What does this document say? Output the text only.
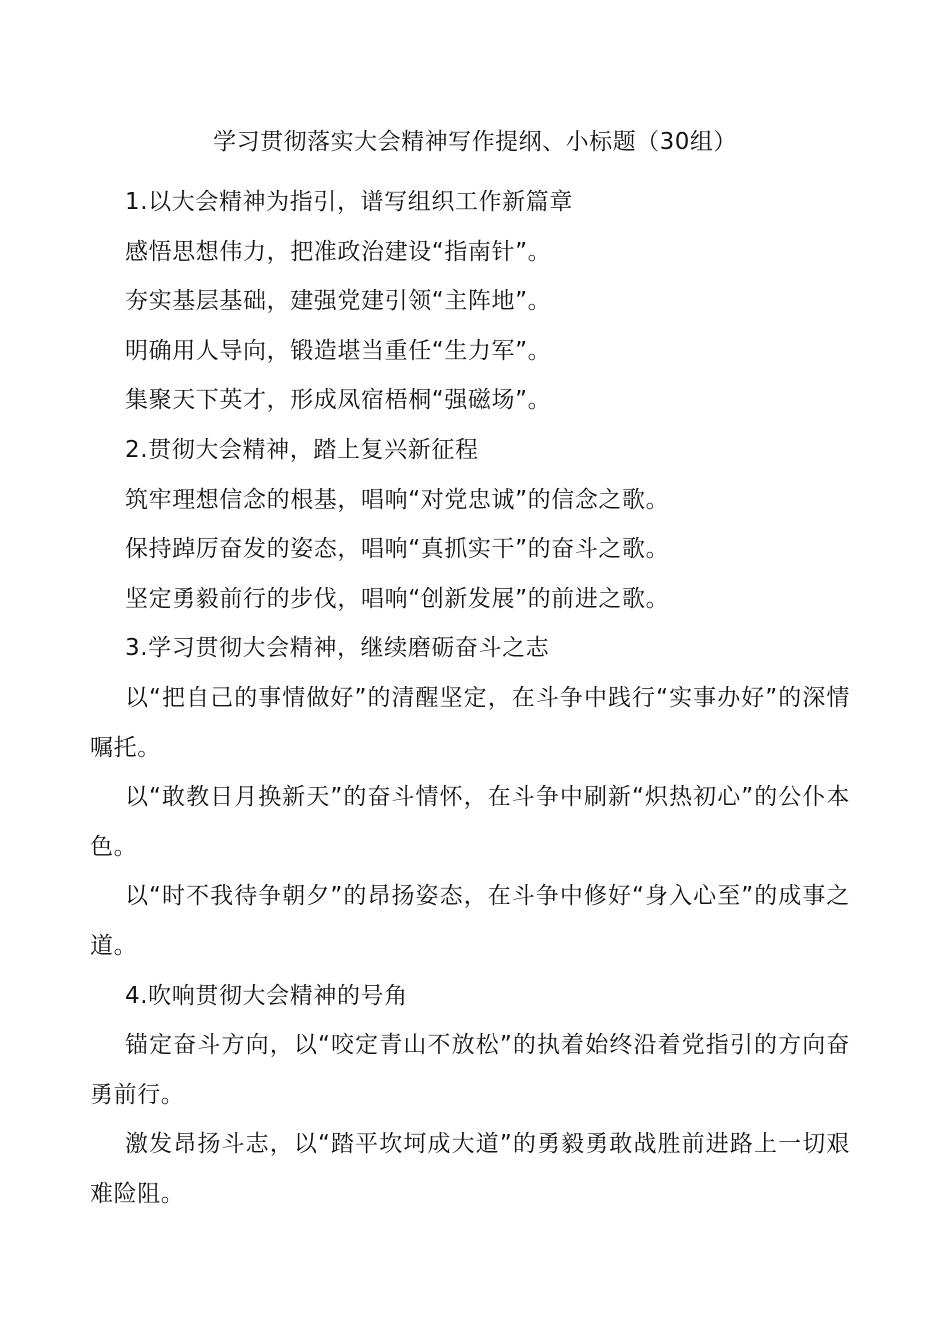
学习贯彻落实大会精神写作提纲、小标题（30组）

1.以大会精神为指引，谱写组织工作新篇章

感悟思想伟力，把准政治建设“指南针”。

夯实基层基础，建强党建引领“主阵地”。

明确用人导向，锻造堪当重任“生力军”。

集聚天下英才，形成凤宿梧桐“强磁场”。

2.贯彻大会精神，踏上复兴新征程

筑牢理想信念的根基，唱响“对党忠诚”的信念之歌。

保持踔厉奋发的姿态，唱响“真抓实干”的奋斗之歌。

坚定勇毅前行的步伐，唱响“创新发展”的前进之歌。

3.学习贯彻大会精神，继续磨砺奋斗之志

以“把自己的事情做好”的清醒坚定，在斗争中践行“实事办好”的深情嘱托。

以“敢教日月换新天”的奋斗情怀，在斗争中刷新“炽热初心”的公仆本色。

以“时不我待争朝夕”的昂扬姿态，在斗争中修好“身入心至”的成事之道。

4.吹响贯彻大会精神的号角

锚定奋斗方向，以“咬定青山不放松”的执着始终沿着党指引的方向奋勇前行。

激发昂扬斗志，以“踏平坎坷成大道”的勇毅勇敢战胜前进路上一切艰难险阻。
